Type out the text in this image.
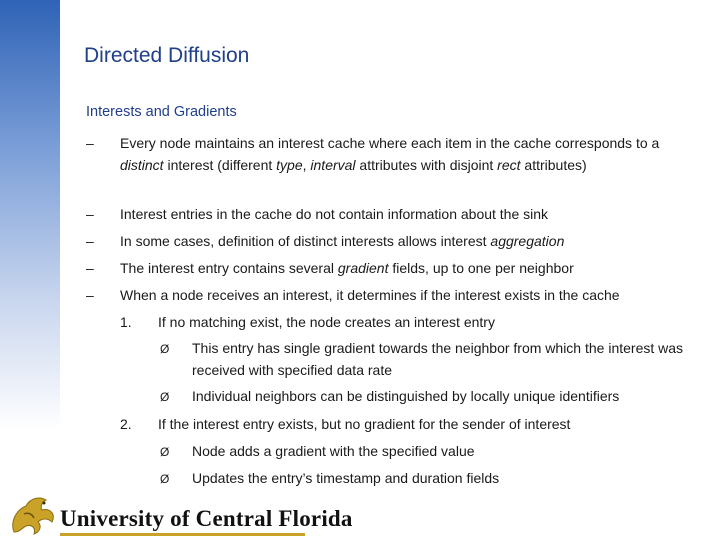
Directed Diffusion
Interests and Gradients
–	Every node maintains an interest cache where each item in the cache corresponds to a distinct interest (different type, interval attributes with disjoint rect attributes)
–	Interest entries in the cache do not contain information about the sink
–	In some cases, definition of distinct interests allows interest aggregation
–	The interest entry contains several gradient fields, up to one per neighbor
–	When a node receives an interest, it determines if the interest exists in the cache
1.	If no matching exist, the node creates an interest entry
Ø This entry has single gradient towards the neighbor from which the interest was received with specified data rate
Ø Individual neighbors can be distinguished by locally unique identifiers
2.	If the interest entry exists, but no gradient for the sender of interest
Ø Node adds a gradient with the specified value
Ø Updates the entry’s timestamp and duration fields
University of Central Florida
